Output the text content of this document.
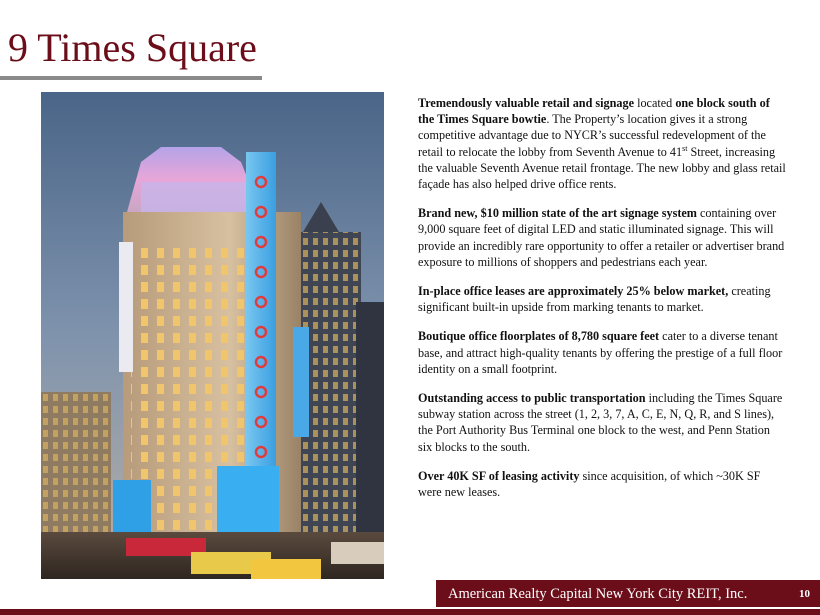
9 Times Square

Tremendously valuable retail and signage located one block south of the Times Square bowtie. The Property’s location gives it a strong competitive advantage due to NYCR’s successful redevelopment of the retail to relocate the lobby from Seventh Avenue to 41st Street, increasing the valuable Seventh Avenue retail frontage. The new lobby and glass retail façade has also helped drive office rents.

Brand new, $10 million state of the art signage system containing over 9,000 square feet of digital LED and static illuminated signage. This will provide an incredibly rare opportunity to offer a retailer or advertiser brand exposure to millions of shoppers and pedestrians each year.

In-place office leases are approximately 25% below market, creating significant built-in upside from marking tenants to market.

Boutique office floorplates of 8,780 square feet cater to a diverse tenant base, and attract high-quality tenants by offering the prestige of a full floor identity on a small footprint.

Outstanding access to public transportation including the Times Square subway station across the street (1, 2, 3, 7, A, C, E, N, Q, R, and S lines), the Port Authority Bus Terminal one block to the west, and Penn Station six blocks to the south.

Over 40K SF of leasing activity since acquisition, of which ~30K SF were new leases.

American Realty Capital New York City REIT, Inc.	10
